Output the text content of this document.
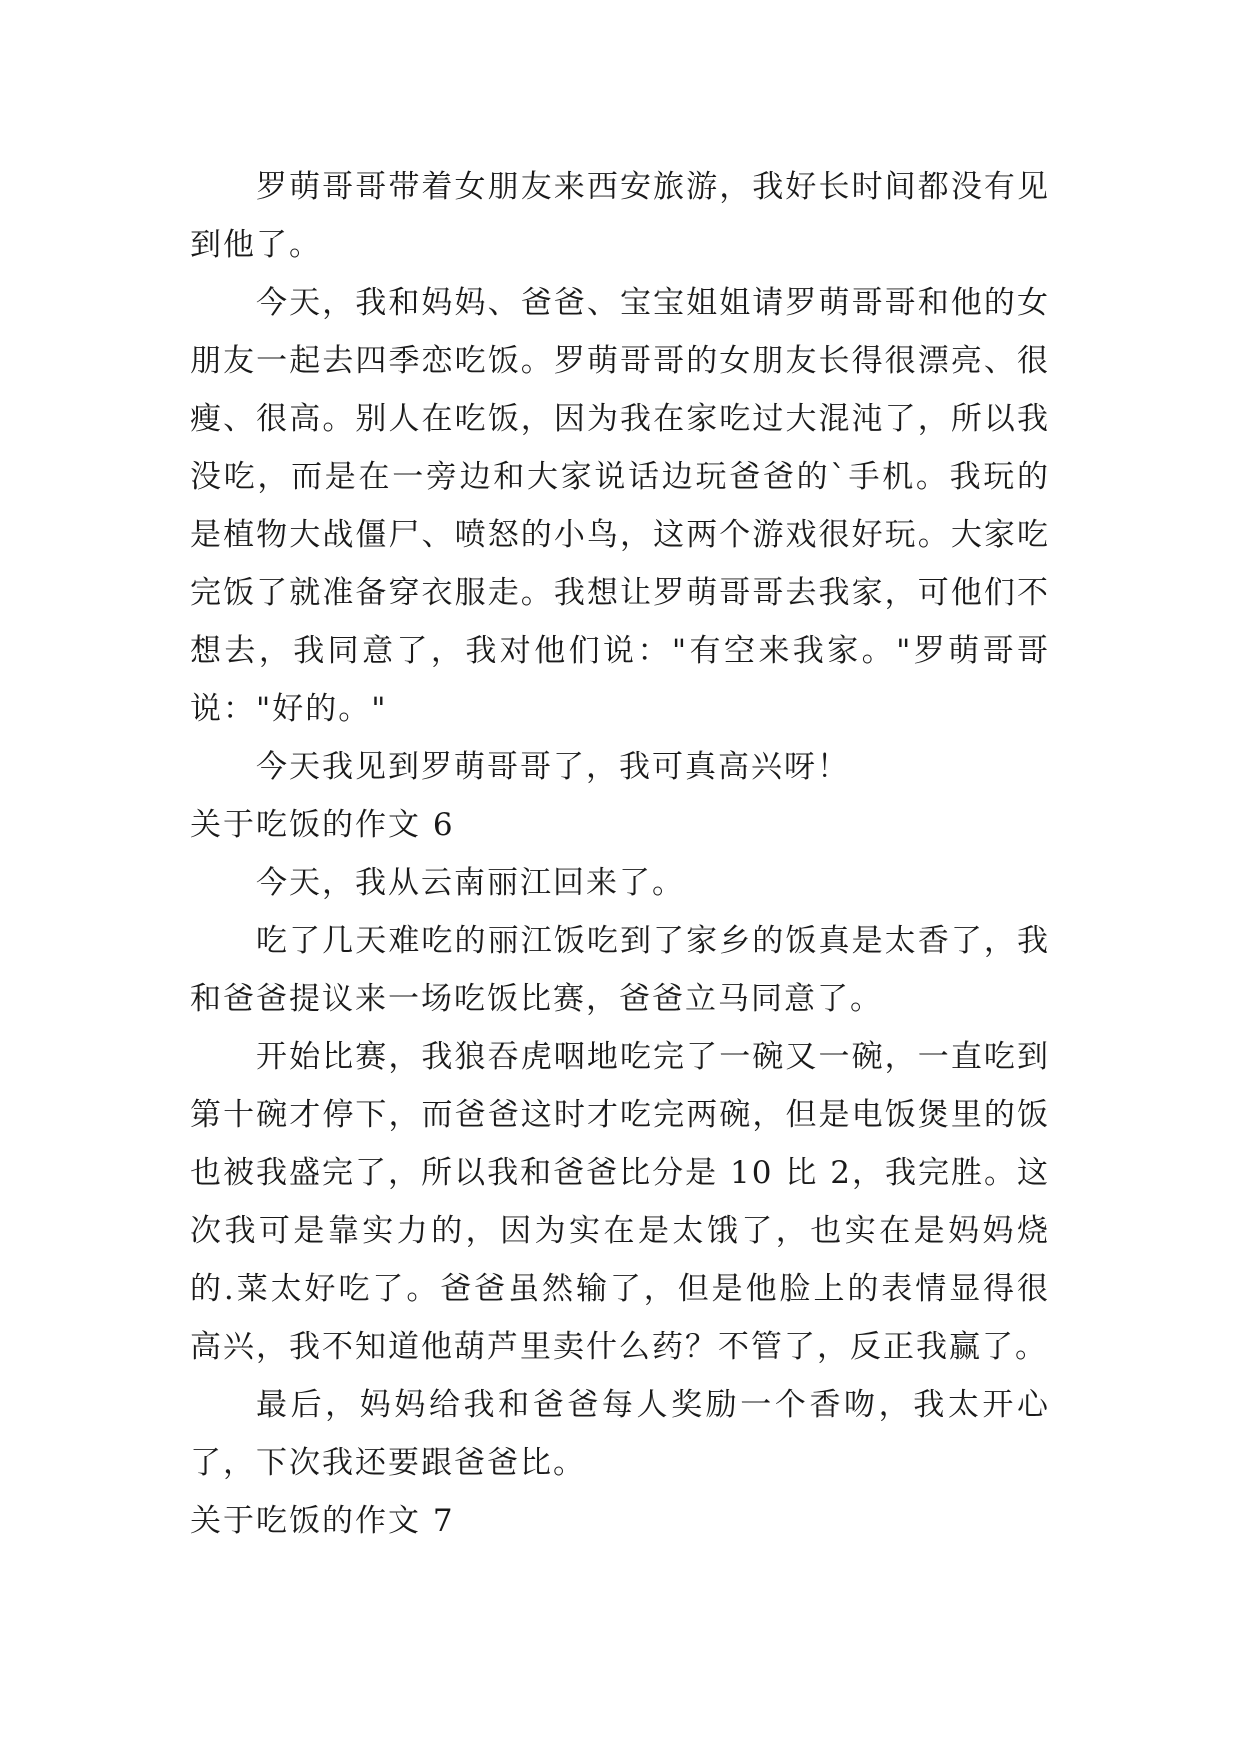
罗萌哥哥带着女朋友来西安旅游，我好长时间都没有见到他了。

今天，我和妈妈、爸爸、宝宝姐姐请罗萌哥哥和他的女朋友一起去四季恋吃饭。罗萌哥哥的女朋友长得很漂亮、很瘦、很高。别人在吃饭，因为我在家吃过大混沌了，所以我没吃，而是在一旁边和大家说话边玩爸爸的`手机。我玩的是植物大战僵尸、喷怒的小鸟，这两个游戏很好玩。大家吃完饭了就准备穿衣服走。我想让罗萌哥哥去我家，可他们不想去，我同意了，我对他们说："有空来我家。"罗萌哥哥说："好的。"

今天我见到罗萌哥哥了，我可真高兴呀！

关于吃饭的作文 6

今天，我从云南丽江回来了。

吃了几天难吃的丽江饭吃到了家乡的饭真是太香了，我和爸爸提议来一场吃饭比赛，爸爸立马同意了。

开始比赛，我狼吞虎咽地吃完了一碗又一碗，一直吃到第十碗才停下，而爸爸这时才吃完两碗，但是电饭煲里的饭也被我盛完了，所以我和爸爸比分是 10 比 2，我完胜。这次我可是靠实力的，因为实在是太饿了，也实在是妈妈烧的.菜太好吃了。爸爸虽然输了，但是他脸上的表情显得很高兴，我不知道他葫芦里卖什么药？不管了，反正我赢了。

最后，妈妈给我和爸爸每人奖励一个香吻，我太开心了，下次我还要跟爸爸比。

关于吃饭的作文 7
